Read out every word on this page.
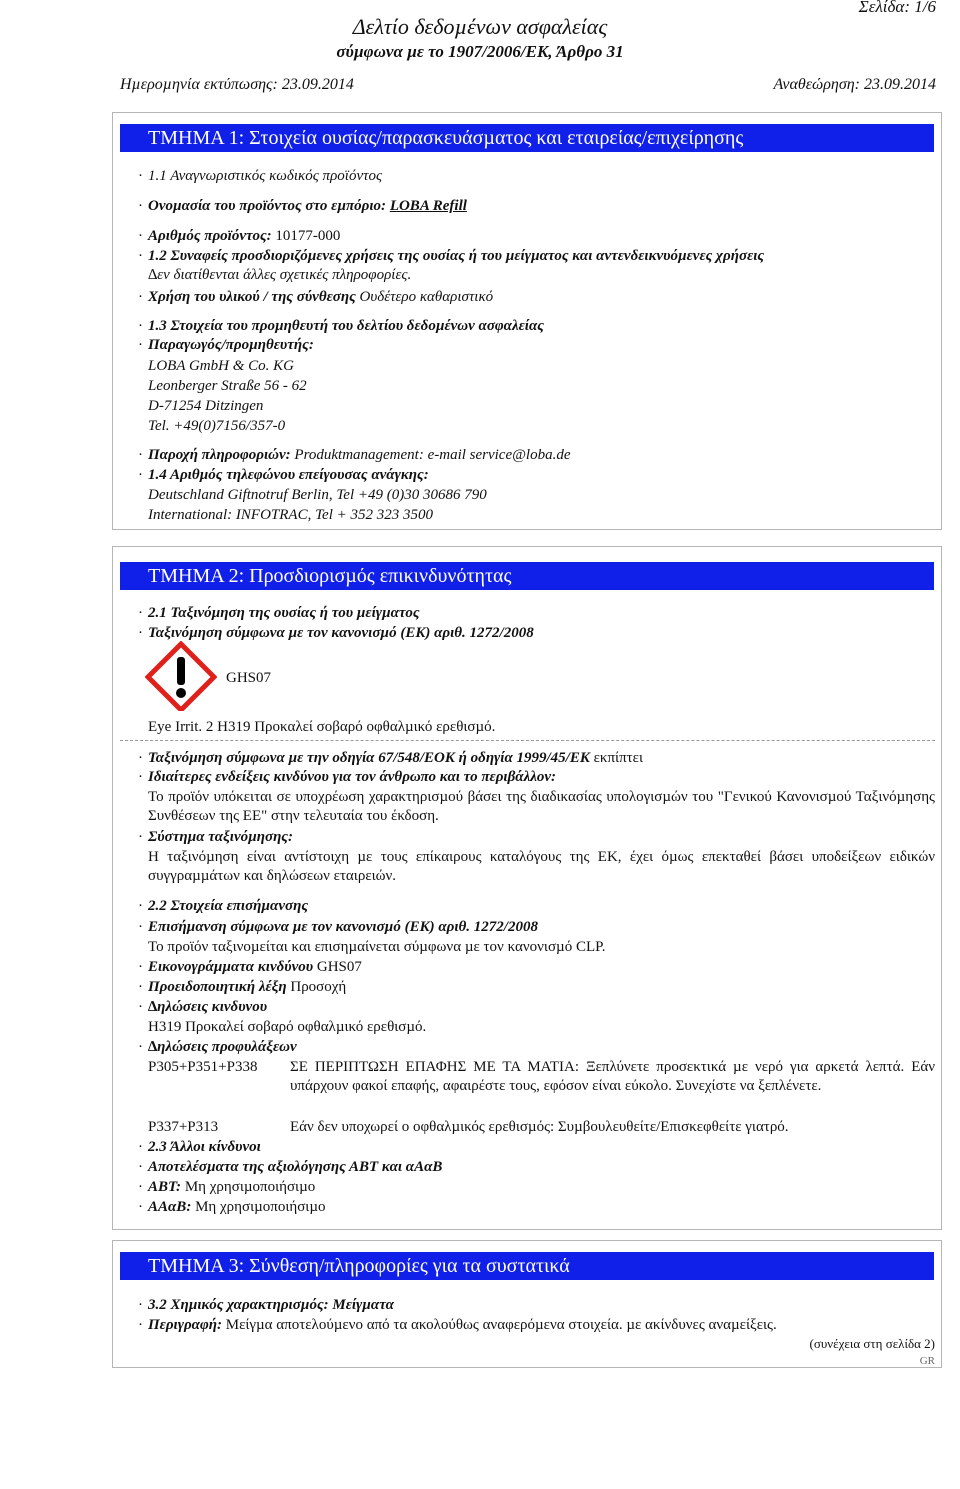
Σελίδα: 1/6
Δελτίο δεδοµένων ασφαλείας
σύµφωνα µε το 1907/2006/ΕΚ, Άρθρο 31
Ηµεροµηνία εκτύπωσης: 23.09.2014	Αναθεώρηση: 23.09.2014
ΤΜΗΜΑ 1: Στοιχεία ουσίας/παρασκευάσµατος και εταιρείας/επιχείρησης
· 1.1 Αναγνωριστικός κωδικός προϊόντος
· Ονοµασία του προϊόντος στο εµπόριο: LOBA Refill
· Αριθµός προϊόντος: 10177-000
· 1.2 Συναφείς προσδιοριζόµενες χρήσεις της ουσίας ή του µείγµατος και αντενδεικνυόµενες χρήσεις
∆εν διατίθενται άλλες σχετικές πληροφορίες.
· Χρήση του υλικού / της σύνθεσης Ουδέτερο καθαριστικό
· 1.3 Στοιχεία του προµηθευτή του δελτίου δεδοµένων ασφαλείας
· Παραγωγός/προµηθευτής:
LOBA GmbH & Co. KG
Leonberger Straße 56 - 62
D-71254 Ditzingen
Tel. +49(0)7156/357-0
· Παροχή πληροφοριών: Produktmanagement: e-mail service@loba.de
· 1.4 Αριθµός τηλεφώνου επείγουσας ανάγκης:
Deutschland Giftnotruf Berlin, Tel +49 (0)30 30686 790
International: INFOTRAC, Tel + 352 323 3500
ΤΜΗΜΑ 2: Προσδιορισµός επικινδυνότητας
· 2.1 Ταξινόµηση της ουσίας ή του µείγµατος
· Ταξινόµηση σύµφωνα µε τον κανονισµό (ΕΚ) αριθ. 1272/2008
GHS07
Eye Irrit. 2 H319 Προκαλεί σοβαρό οφθαλµικό ερεθισµό.
· Ταξινόµηση σύµφωνα µε την οδηγία 67/548/ΕΟΚ ή οδηγία 1999/45/ΕΚ εκπίπτει
· Ιδιαίτερες ενδείξεις κινδύνου για τον άνθρωπο και το περιβάλλον:
Το προϊόν υπόκειται σε υποχρέωση χαρακτηρισµού βάσει της διαδικασίας υπολογισµών του "Γενικού Κανονισµού Ταξινόµησης Συνθέσεων της ΕΕ" στην τελευταία του έκδοση.
· Σύστηµα ταξινόµησης:
Η ταξινόµηση είναι αντίστοιχη µε τους επίκαιρους καταλόγους της ΕΚ, έχει όµως επεκταθεί βάσει υποδείξεων ειδικών συγγραµµάτων και δηλώσεων εταιρειών.
· 2.2 Στοιχεία επισήµανσης
· Επισήµανση σύµφωνα µε τον κανονισµό (ΕΚ) αριθ. 1272/2008
Το προϊόν ταξινοµείται και επισηµαίνεται σύµφωνα µε τον κανονισµό CLP.
· Εικονογράµµατα κινδύνου GHS07
· Προειδοποιητική λέξη Προσοχή
· ∆ηλώσεις κινδυνου
H319 Προκαλεί σοβαρό οφθαλµικό ερεθισµό.
· ∆ηλώσεις προφυλάξεων
P305+P351+P338 ΣΕ ΠΕΡΙΠΤΩΣΗ ΕΠΑΦΗΣ ΜΕ ΤΑ ΜΑΤΙΑ: Ξεπλύνετε προσεκτικά µε νερό για αρκετά λεπτά. Εάν υπάρχουν φακοί επαφής, αφαιρέστε τους, εφόσον είναι εύκολο. Συνεχίστε να ξεπλένετε.
P337+P313	Εάν δεν υποχωρεί ο οφθαλµικός ερεθισµός: Συµβουλευθείτε/Επισκεφθείτε γιατρό.
· 2.3 Άλλοι κίνδυνοι
· Αποτελέσµατα της αξιολόγησης ΑΒΤ και αΑαΒ
· ΑΒΤ: Μη χρησιµοποιήσιµο
· ΑΑαΒ: Μη χρησιµοποιήσιµο
ΤΜΗΜΑ 3: Σύνθεση/πληροφορίες για τα συστατικά
· 3.2 Χηµικός χαρακτηρισµός: Μείγµατα
· Περιγραφή: Μείγµα αποτελούµενο από τα ακολούθως αναφερόµενα στοιχεία. µε ακίνδυνες αναµείξεις.
(συνέχεια στη σελίδα 2)
GR
